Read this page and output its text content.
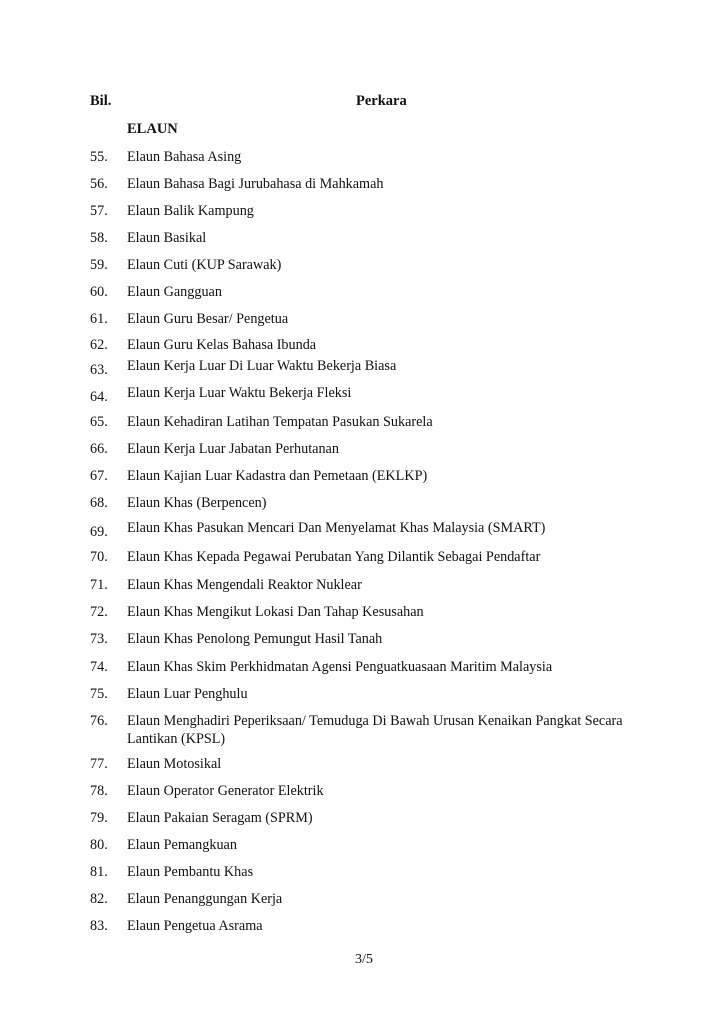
Bil.	Perkara
ELAUN
55.	Elaun Bahasa Asing
56.	Elaun Bahasa Bagi Jurubahasa di Mahkamah
57.	Elaun Balik Kampung
58.	Elaun Basikal
59.	Elaun Cuti (KUP Sarawak)
60.	Elaun Gangguan
61.	Elaun Guru Besar/ Pengetua
62.	Elaun Guru Kelas Bahasa Ibunda
63.	Elaun Kerja Luar Di Luar Waktu Bekerja Biasa
64.	Elaun Kerja Luar Waktu Bekerja Fleksi
65.	Elaun Kehadiran Latihan Tempatan Pasukan Sukarela
66.	Elaun Kerja Luar Jabatan Perhutanan
67.	Elaun Kajian Luar Kadastra dan Pemetaan (EKLKP)
68.	Elaun Khas (Berpencen)
69.	Elaun Khas Pasukan Mencari Dan Menyelamat Khas Malaysia (SMART)
70.	Elaun Khas Kepada Pegawai Perubatan Yang Dilantik Sebagai Pendaftar
71.	Elaun Khas Mengendali Reaktor Nuklear
72.	Elaun Khas Mengikut Lokasi Dan Tahap Kesusahan
73.	Elaun Khas Penolong Pemungut Hasil Tanah
74.	Elaun Khas Skim Perkhidmatan Agensi Penguatkuasaan Maritim Malaysia
75.	Elaun Luar Penghulu
76.	Elaun Menghadiri Peperiksaan/ Temuduga Di Bawah Urusan Kenaikan Pangkat Secara Lantikan (KPSL)
77.	Elaun Motosikal
78.	Elaun Operator Generator Elektrik
79.	Elaun Pakaian Seragam (SPRM)
80.	Elaun Pemangkuan
81.	Elaun Pembantu Khas
82.	Elaun Penanggungan Kerja
83.	Elaun Pengetua Asrama
3/5
